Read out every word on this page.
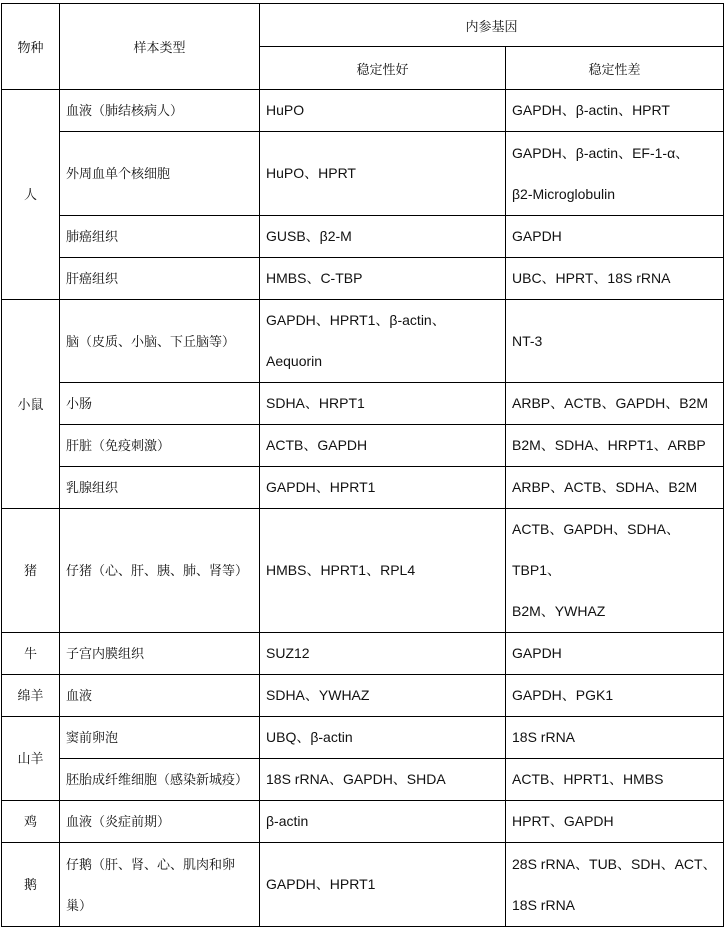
物种	样本类型	内参基因	
		稳定性好	稳定性差
人	血液（肺结核病人）	HuPO	GAPDH、β-actin、HPRT

	外周血单个核细胞	HuPO、HPRT	GAPDH、β-actin、EF-1-α、
β2-Microglobulin

	肺癌组织	GUSB、β2-M	GAPDH

	肝癌组织	HMBS、C-TBP	UBC、HPRT、18S rRNA

小鼠	脑（皮质、小脑、下丘脑等）	GAPDH、HPRT1、β-actin、Aequorin	NT-3

	小肠	SDHA、HRPT1	ARBP、ACTB、GAPDH、B2M

	肝脏（免疫刺激）	ACTB、GAPDH	B2M、SDHA、HRPT1、ARBP

	乳腺组织	GAPDH、HPRT1	ARBP、ACTB、SDHA、B2M

猪	仔猪（心、肝、胰、肺、肾等）	HMBS、HPRT1、RPL4	ACTB、GAPDH、SDHA、TBP1、
B2M、YWHAZ

牛	子宫内膜组织	SUZ12	GAPDH

绵羊	血液	SDHA、YWHAZ	GAPDH、PGK1

山羊	窦前卵泡	UBQ、β-actin	18S rRNA

	胚胎成纤维细胞（感染新城疫）	18S rRNA、GAPDH、SHDA	ACTB、HPRT1、HMBS

鸡	血液（炎症前期）	β-actin	HPRT、GAPDH

鹅	仔鹅（肝、肾、心、肌肉和卵巢）	GAPDH、HPRT1	28S rRNA、TUB、SDH、ACT、
18S rRNA
